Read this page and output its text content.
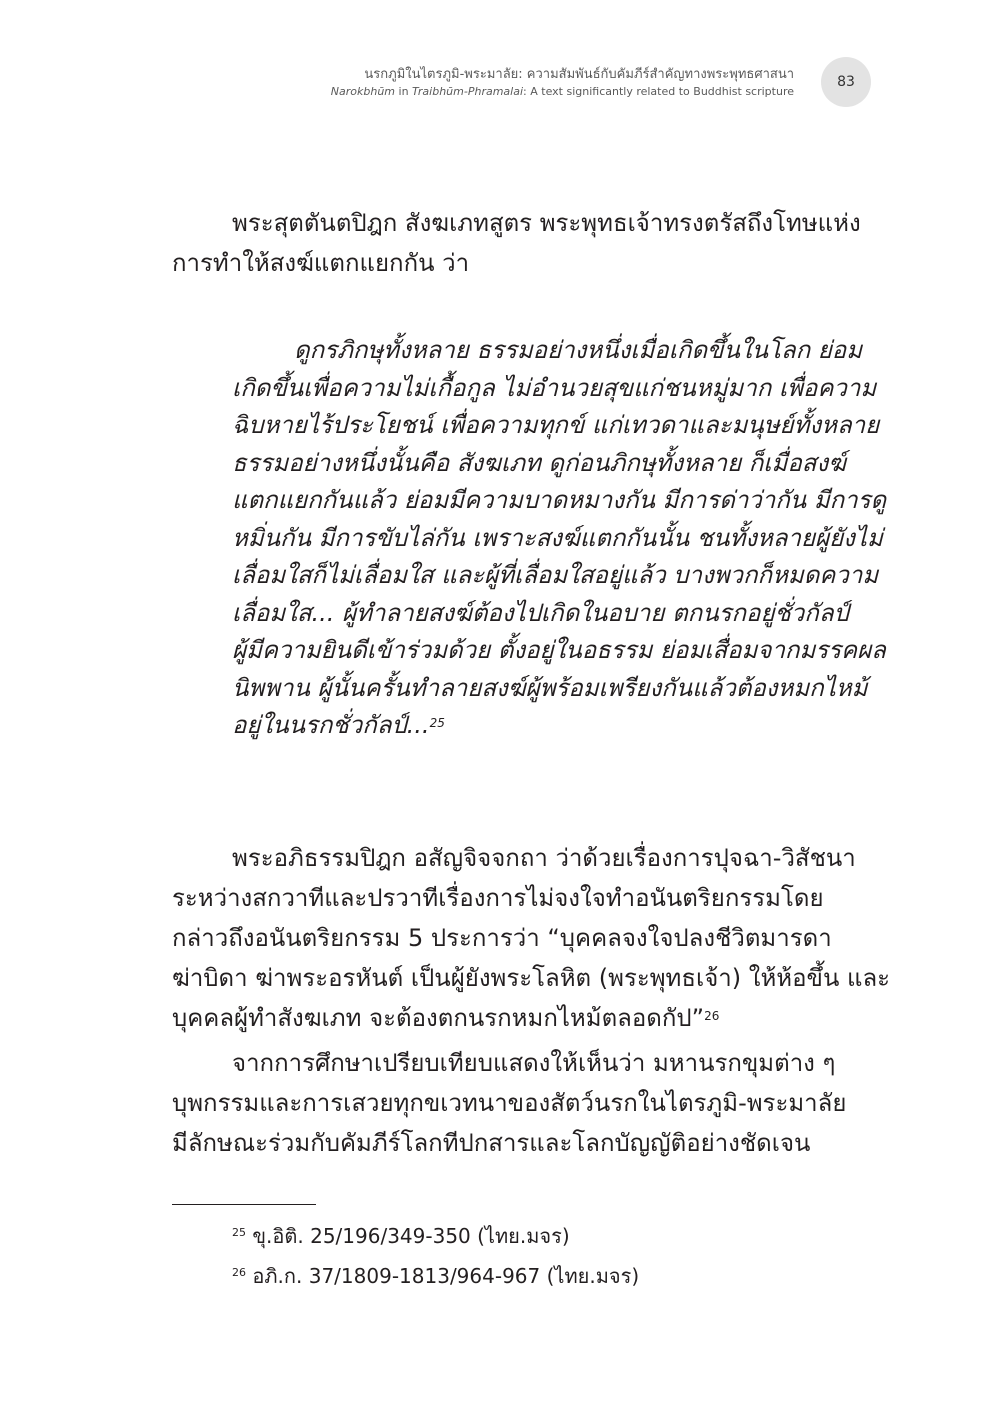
นรกภูมิในไตรภูมิ-พระมาลัย: ความสัมพันธ์กับคัมภีร์สำคัญทางพระพุทธศาสนา
Narokbhūm in Traibhūm-Phramalai: A text significantly related to Buddhist scripture
83

พระสุตตันตปิฎก สังฆเภทสูตร พระพุทธเจ้าทรงตรัสถึงโทษแห่ง
การทำให้สงฆ์แตกแยกกัน ว่า

ดูกรภิกษุทั้งหลาย ธรรมอย่างหนึ่งเมื่อเกิดขึ้นในโลก ย่อม
เกิดขึ้นเพื่อความไม่เกื้อกูล ไม่อำนวยสุขแก่ชนหมู่มาก เพื่อความ
ฉิบหายไร้ประโยชน์ เพื่อความทุกข์ แก่เทวดาและมนุษย์ทั้งหลาย
ธรรมอย่างหนึ่งนั้นคือ สังฆเภท ดูก่อนภิกษุทั้งหลาย ก็เมื่อสงฆ์
แตกแยกกันแล้ว ย่อมมีความบาดหมางกัน มีการด่าว่ากัน มีการดู
หมิ่นกัน มีการขับไล่กัน เพราะสงฆ์แตกกันนั้น ชนทั้งหลายผู้ยังไม่
เลื่อมใสก็ไม่เลื่อมใส และผู้ที่เลื่อมใสอยู่แล้ว บางพวกก็หมดความ
เลื่อมใส... ผู้ทำลายสงฆ์ต้องไปเกิดในอบาย ตกนรกอยู่ชั่วกัลป์
ผู้มีความยินดีเข้าร่วมด้วย ตั้งอยู่ในอธรรม ย่อมเสื่อมจากมรรคผล
นิพพาน ผู้นั้นครั้นทำลายสงฆ์ผู้พร้อมเพรียงกันแล้วต้องหมกไหม้
อยู่ในนรกชั่วกัลป์...$^{25}$

พระอภิธรรมปิฎก อสัญจิจจกถา ว่าด้วยเรื่องการปุจฉา-วิสัชนา
ระหว่างสกวาทีและปรวาทีเรื่องการไม่จงใจทำอนันตริยกรรมโดย
กล่าวถึงอนันตริยกรรม 5 ประการว่า “บุคคลจงใจปลงชีวิตมารดา
ฆ่าบิดา ฆ่าพระอรหันต์ เป็นผู้ยังพระโลหิต (พระพุทธเจ้า) ให้ห้อขึ้น และ
บุคคลผู้ทำสังฆเภท จะต้องตกนรกหมกไหม้ตลอดกัป”$^{26}$

จากการศึกษาเปรียบเทียบแสดงให้เห็นว่า มหานรกขุมต่าง ๆ
บุพกรรมและการเสวยทุกขเวทนาของสัตว์นรกในไตรภูมิ-พระมาลัย
มีลักษณะร่วมกับคัมภีร์โลกทีปกสารและโลกบัญญัติอย่างชัดเจน

$^{25}$ ขุ.อิติ. 25/196/349-350 (ไทย.มจร)
$^{26}$ อภิ.ก. 37/1809-1813/964-967 (ไทย.มจร)
